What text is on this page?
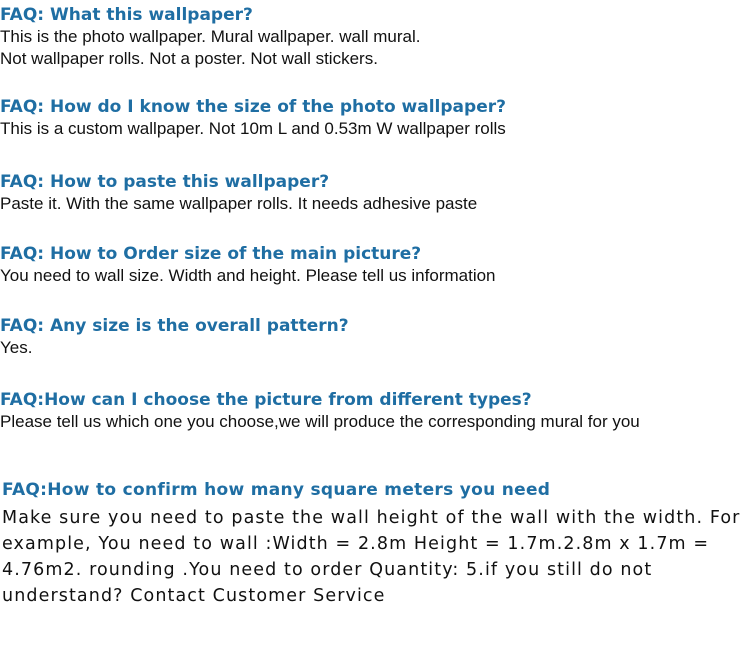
FAQ: What this wallpaper?
This is the photo wallpaper. Mural wallpaper. wall mural.
Not wallpaper rolls. Not a poster. Not wall stickers.
FAQ: How do I know the size of the photo wallpaper?
This is a custom wallpaper. Not 10m L and 0.53m W wallpaper rolls
FAQ: How to paste this wallpaper?
Paste it. With the same wallpaper rolls. It needs adhesive paste
FAQ: How to Order size of the main picture?
You need to wall size. Width and height. Please tell us information
FAQ: Any size is the overall pattern?
Yes.
FAQ:How can I choose the picture from different types?
Please tell us which one you choose,we will produce the corresponding mural for you
FAQ:How to confirm how many square meters you need
Make sure you need to paste the wall height of the wall with the width. For example, You need to wall :Width = 2.8m Height = 1.7m.2.8m x 1.7m = 4.76m2. rounding .You need to order Quantity: 5.if you still do not understand? Contact Customer Service
